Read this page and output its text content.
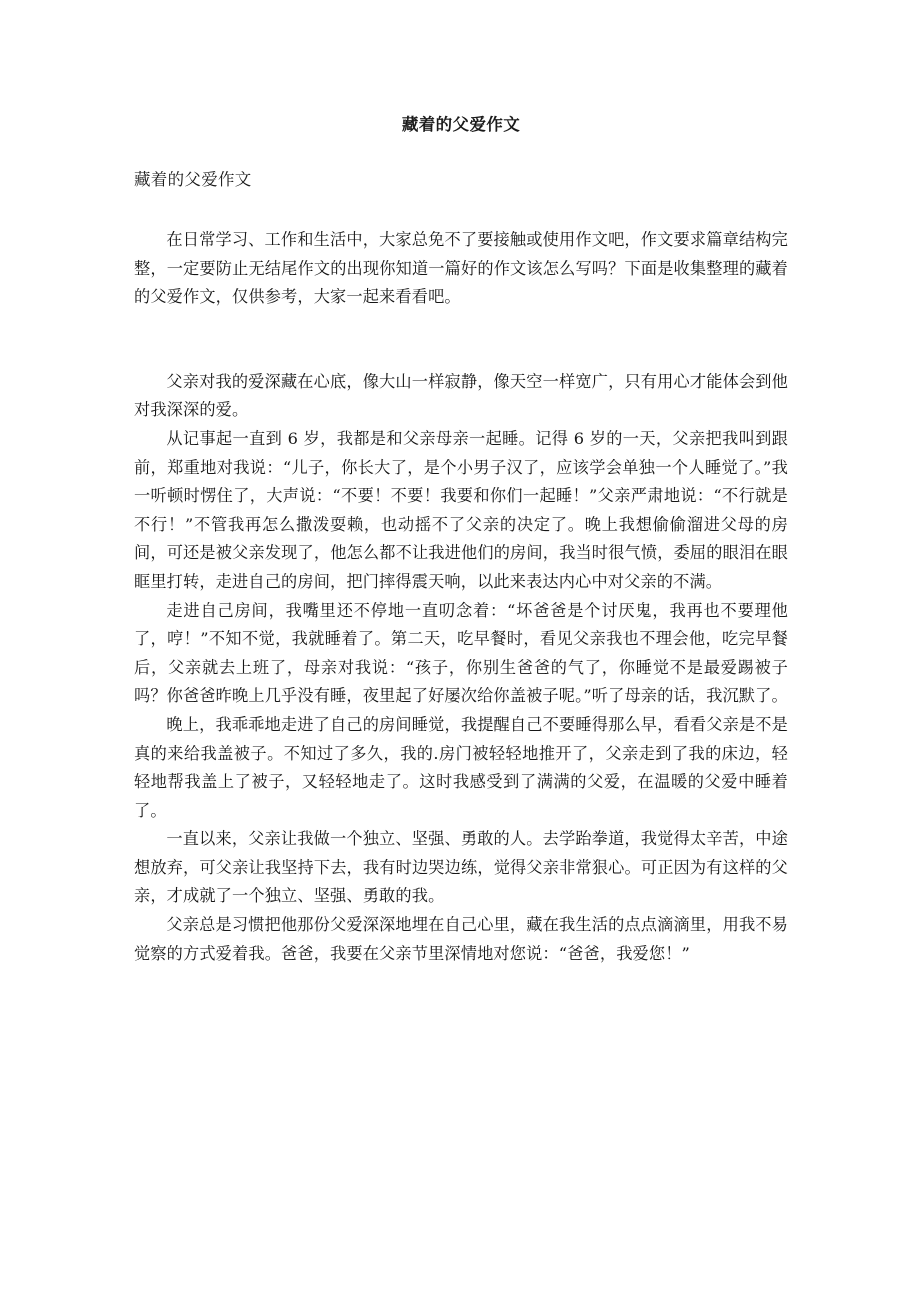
藏着的父爱作文

藏着的父爱作文

在日常学习、工作和生活中，大家总免不了要接触或使用作文吧，作文要求篇章结构完整，一定要防止无结尾作文的出现你知道一篇好的作文该怎么写吗？下面是收集整理的藏着的父爱作文，仅供参考，大家一起来看看吧。

父亲对我的爱深藏在心底，像大山一样寂静，像天空一样宽广，只有用心才能体会到他对我深深的爱。

从记事起一直到 6 岁，我都是和父亲母亲一起睡。记得 6 岁的一天，父亲把我叫到跟前，郑重地对我说：“儿子，你长大了，是个小男子汉了，应该学会单独一个人睡觉了。”我一听顿时愣住了，大声说：“不要！不要！我要和你们一起睡！”父亲严肃地说：“不行就是不行！”不管我再怎么撒泼耍赖，也动摇不了父亲的决定了。晚上我想偷偷溜进父母的房间，可还是被父亲发现了，他怎么都不让我进他们的房间，我当时很气愤，委屈的眼泪在眼眶里打转，走进自己的房间，把门摔得震天响，以此来表达内心中对父亲的不满。

走进自己房间，我嘴里还不停地一直叨念着：“坏爸爸是个讨厌鬼，我再也不要理他了，哼！”不知不觉，我就睡着了。第二天，吃早餐时，看见父亲我也不理会他，吃完早餐后，父亲就去上班了，母亲对我说：“孩子，你别生爸爸的气了，你睡觉不是最爱踢被子吗？你爸爸昨晚上几乎没有睡，夜里起了好屡次给你盖被子呢。”听了母亲的话，我沉默了。

晚上，我乖乖地走进了自己的房间睡觉，我提醒自己不要睡得那么早，看看父亲是不是真的来给我盖被子。不知过了多久，我的.房门被轻轻地推开了，父亲走到了我的床边，轻轻地帮我盖上了被子，又轻轻地走了。这时我感受到了满满的父爱，在温暖的父爱中睡着了。

一直以来，父亲让我做一个独立、坚强、勇敢的人。去学跆拳道，我觉得太辛苦，中途想放弃，可父亲让我坚持下去，我有时边哭边练，觉得父亲非常狠心。可正因为有这样的父亲，才成就了一个独立、坚强、勇敢的我。

父亲总是习惯把他那份父爱深深地埋在自己心里，藏在我生活的点点滴滴里，用我不易觉察的方式爱着我。爸爸，我要在父亲节里深情地对您说：“爸爸，我爱您！”
